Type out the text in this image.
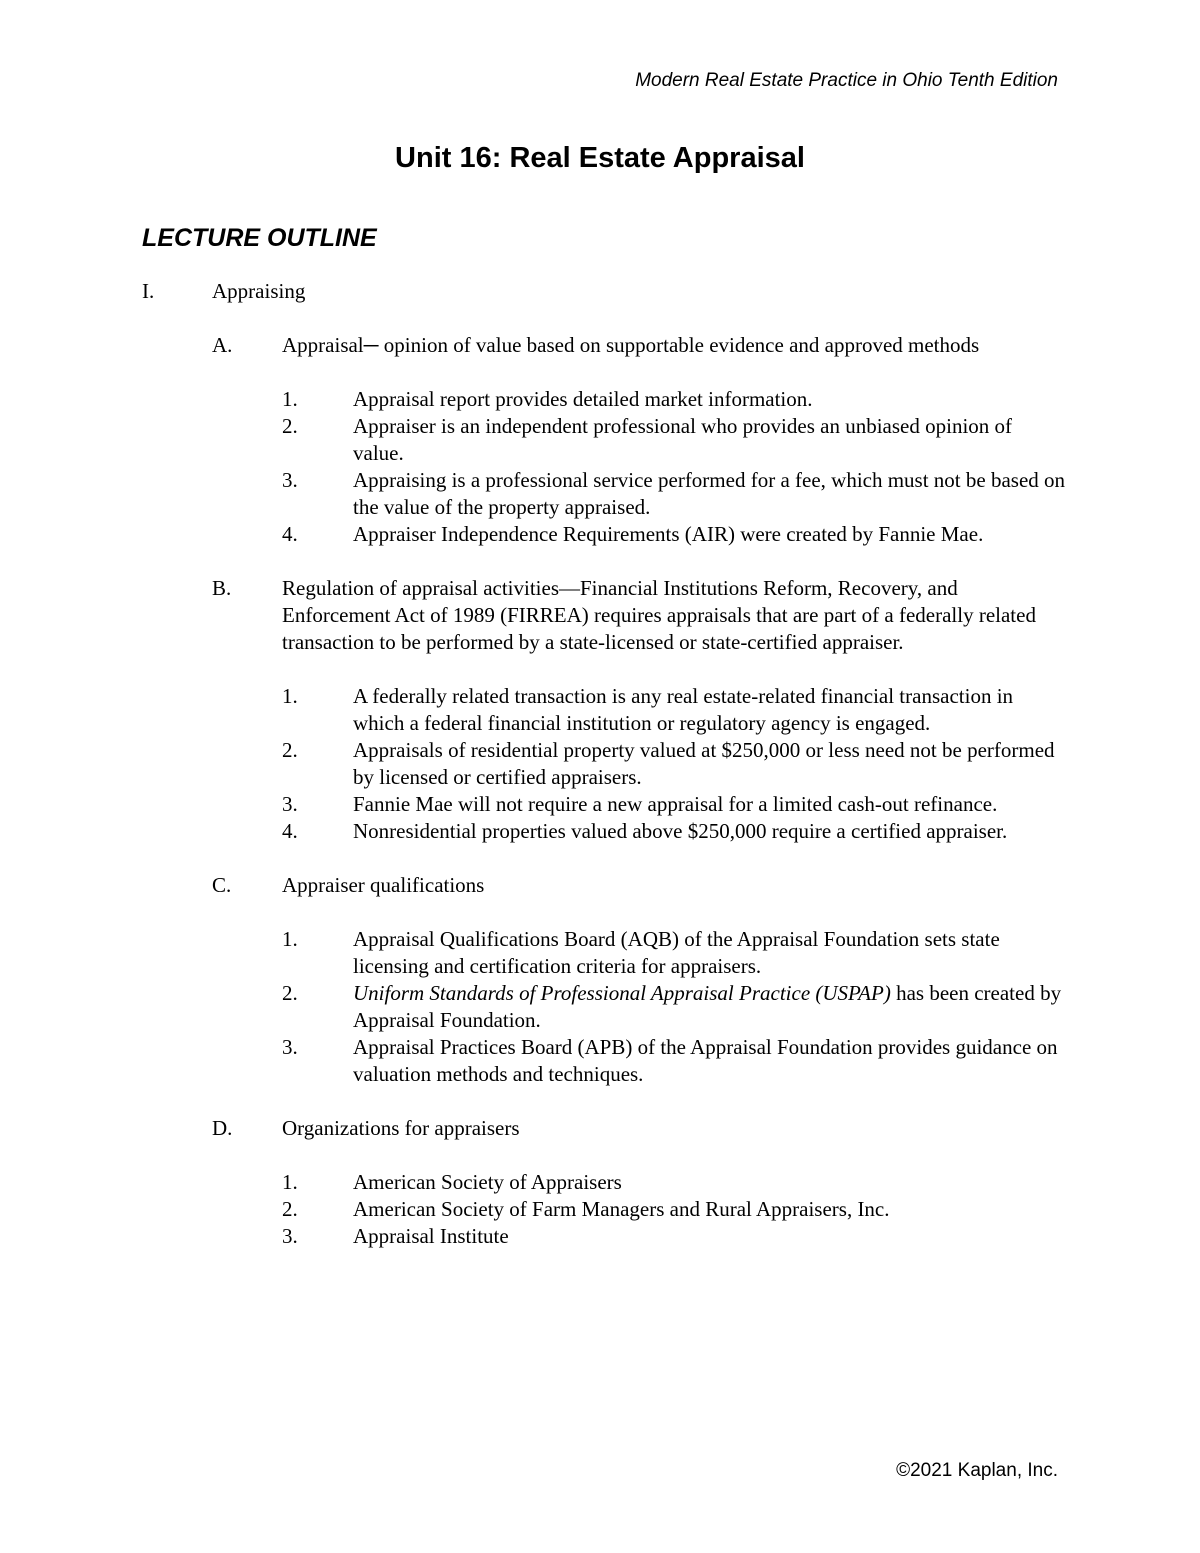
Modern Real Estate Practice in Ohio Tenth Edition
Unit 16: Real Estate Appraisal
LECTURE OUTLINE
I.	Appraising
A.	Appraisal─ opinion of value based on supportable evidence and approved methods
1.	Appraisal report provides detailed market information.
2.	Appraiser is an independent professional who provides an unbiased opinion of value.
3.	Appraising is a professional service performed for a fee, which must not be based on the value of the property appraised.
4.	Appraiser Independence Requirements (AIR) were created by Fannie Mae.
B.	Regulation of appraisal activities—Financial Institutions Reform, Recovery, and Enforcement Act of 1989 (FIRREA) requires appraisals that are part of a federally related transaction to be performed by a state-licensed or state-certified appraiser.
1.	A federally related transaction is any real estate-related financial transaction in which a federal financial institution or regulatory agency is engaged.
2.	Appraisals of residential property valued at $250,000 or less need not be performed by licensed or certified appraisers.
3.	Fannie Mae will not require a new appraisal for a limited cash-out refinance.
4.	Nonresidential properties valued above $250,000 require a certified appraiser.
C.	Appraiser qualifications
1.	Appraisal Qualifications Board (AQB) of the Appraisal Foundation sets state licensing and certification criteria for appraisers.
2.	Uniform Standards of Professional Appraisal Practice (USPAP) has been created by Appraisal Foundation.
3.	Appraisal Practices Board (APB) of the Appraisal Foundation provides guidance on valuation methods and techniques.
D.	Organizations for appraisers
1.	American Society of Appraisers
2.	American Society of Farm Managers and Rural Appraisers, Inc.
3.	Appraisal Institute
©2021 Kaplan, Inc.
